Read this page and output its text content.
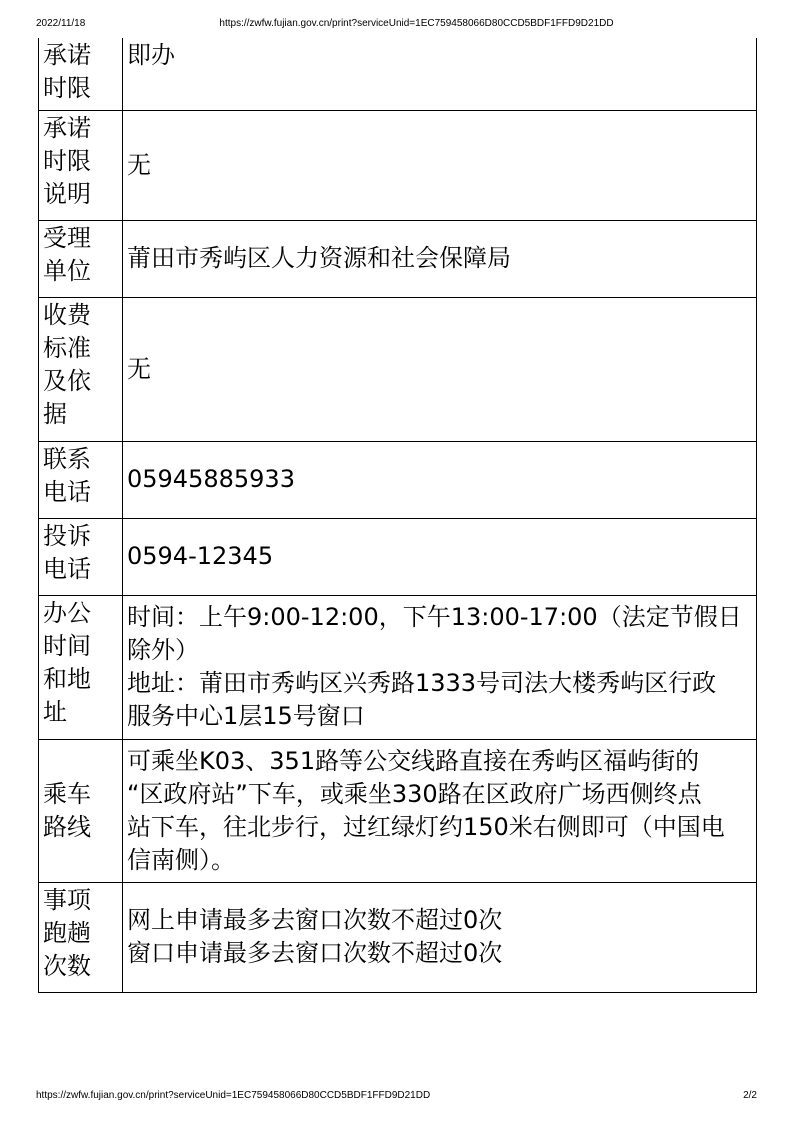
2022/11/18	https://zwfw.fujian.gov.cn/print?serviceUnid=1EC759458066D80CCD5BDF1FFD9D21DD
承诺
时限	即办

承诺
时限
说明	无

受理
单位	莆田市秀屿区人力资源和社会保障局

收费
标准
及依
据	无

联系
电话	05945885933

投诉
电话	0594-12345

办公
时间
和地
址	时间：上午9:00-12:00，下午13:00-17:00（法定节假日
除外）
地址：莆田市秀屿区兴秀路1333号司法大楼秀屿区行政
服务中心1层15号窗口

乘车
路线	可乘坐K03、351路等公交线路直接在秀屿区福屿街的
“区政府站”下车，或乘坐330路在区政府广场西侧终点
站下车，往北步行，过红绿灯约150米右侧即可（中国电
信南侧）。

事项
跑趟
次数	网上申请最多去窗口次数不超过0次
窗口申请最多去窗口次数不超过0次
https://zwfw.fujian.gov.cn/print?serviceUnid=1EC759458066D80CCD5BDF1FFD9D21DD	2/2
